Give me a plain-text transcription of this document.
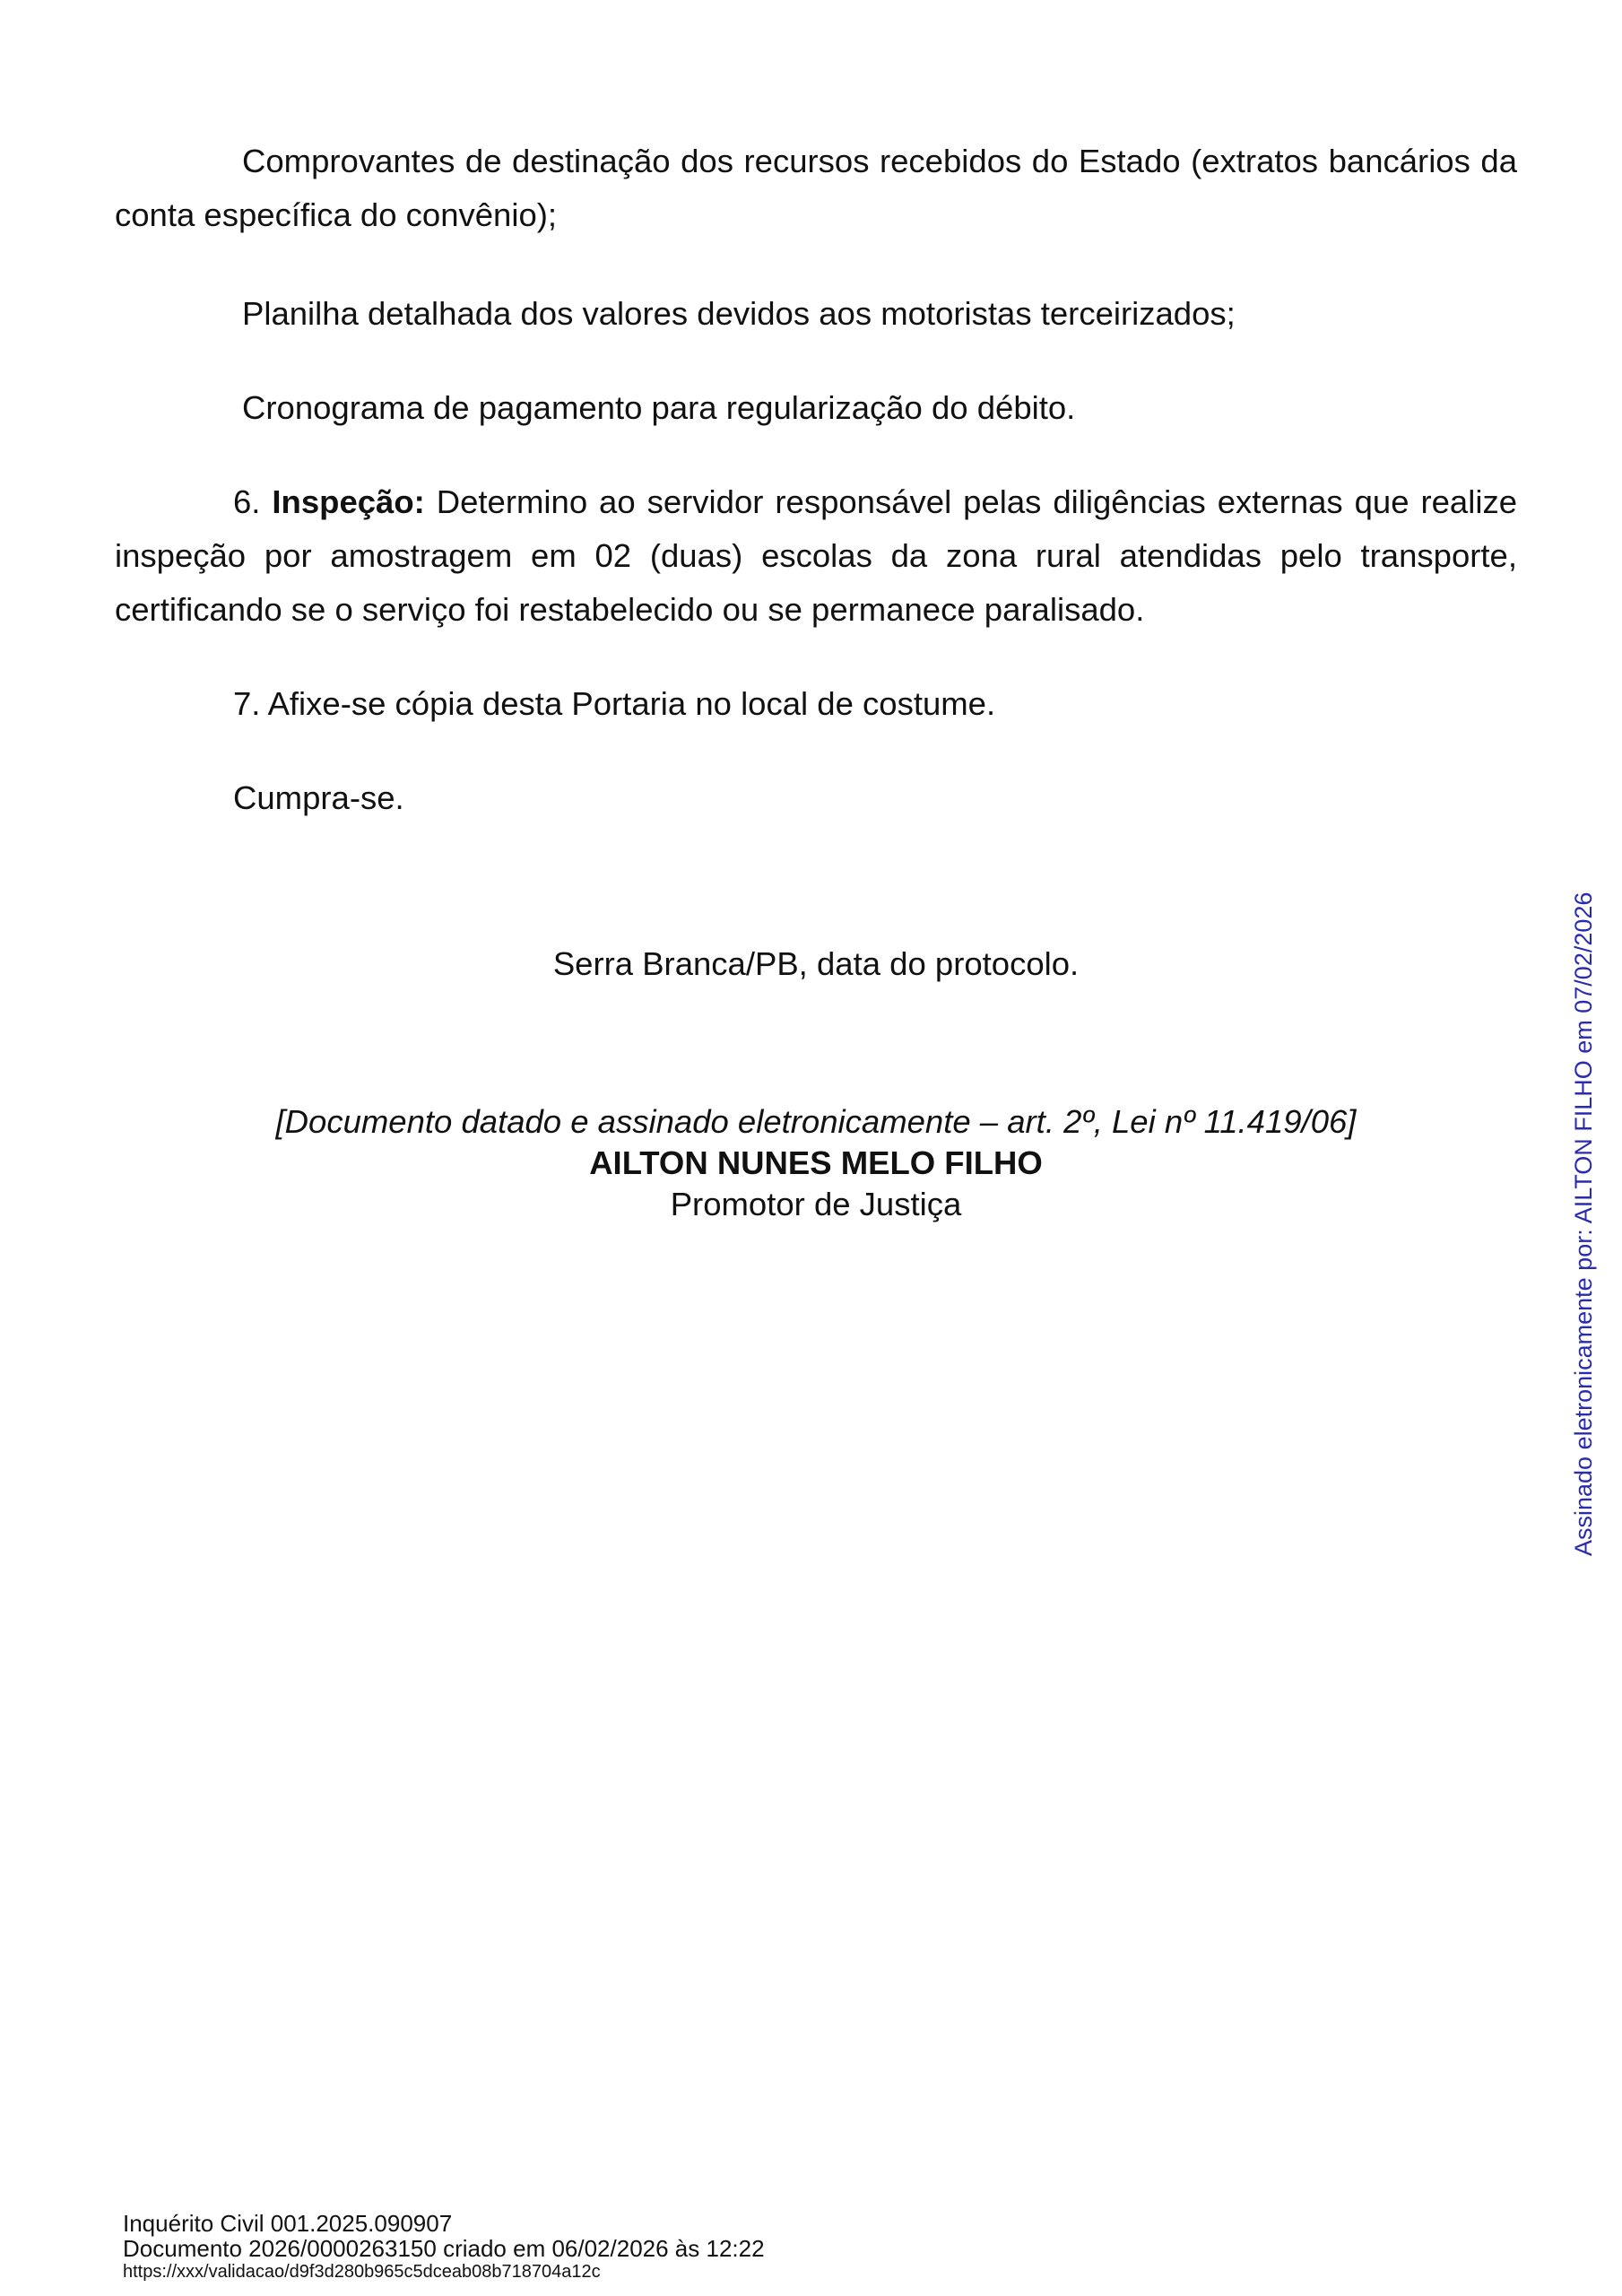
Comprovantes de destinação dos recursos recebidos do Estado (extratos bancários da conta específica do convênio);

Planilha detalhada dos valores devidos aos motoristas terceirizados;

Cronograma de pagamento para regularização do débito.

6. Inspeção: Determino ao servidor responsável pelas diligências externas que realize inspeção por amostragem em 02 (duas) escolas da zona rural atendidas pelo transporte, certificando se o serviço foi restabelecido ou se permanece paralisado.

7. Afixe-se cópia desta Portaria no local de costume.

Cumpra-se.

Serra Branca/PB, data do protocolo.
[Documento datado e assinado eletronicamente – art. 2º, Lei nº 11.419/06]
AILTON NUNES MELO FILHO
Promotor de Justiça	Assinado eletronicamente por: AILTON FILHO em 07/02/2026
Inquérito Civil 001.2025.090907
Documento 2026/0000263150 criado em 06/02/2026 às 12:22
https://xxx/validacao/d9f3d280b965c5dceab08b718704a12c
